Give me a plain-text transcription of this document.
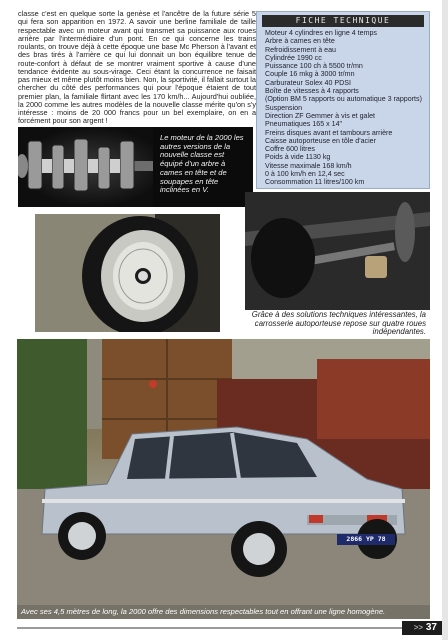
classe c'est en quelque sorte la genèse et l'ancêtre de la future série 5 qui fera son apparition en 1972. A savoir une berline familiale de taille respectable avec un moteur avant qui transmet sa puissance aux roues arrière par l'intermédiaire d'un pont. En ce qui concerne les trains roulants, on trouve déjà à cette époque une base Mc Pherson à l'avant et des bras tirés à l'arrière ce qui lui donnait un bon équilibre tenue de route-confort à défaut de se montrer vraiment sportive à cause d'une tendance évidente au sous-virage. Ceci étant la concurrence ne faisait pas mieux et même plutôt moins bien. Non, la sportivité, il fallait surtout la chercher du côté des performances qui pour l'époque étaient de tout premier plan, la familiale flirtant avec les 170 km/h... Aujourd'hui oubliée, la 2000 comme les autres modèles de la nouvelle classe mérite qu'on s'y intéresse : moins de 20 000 francs pour un bel exemplaire, on en a forcément pour son argent !
FICHE TECHNIQUE
Moteur 4 cylindres en ligne 4 temps
Arbre à cames en tête
Refroidissement à eau
Cylindrée 1990 cc
Puissance 100 ch à 5500 tr/mn
Couple 16 mkg à 3000 tr/mn
Carburateur Solex 40 PDSI
Boîte de vitesses à 4 rapports
(Option BM 5 rapports ou automatique 3 rapports)
Suspension
Direction ZF Gemmer à vis et galet
Pneumatiques 165 x 14"
Freins disques avant et tambours arrière
Caisse autoporteuse en tôle d'acier
Coffre 600 litres
Poids à vide 1130 kg
Vitesse maximale 168 km/h
0 à 100 km/h en 12,4 sec
Consommation 11 litres/100 km
Le moteur de la 2000 les autres versions de la nouvelle classe est équipé d'un arbre à cames en tête et de soupapes en tête inclinées en V.
Grâce à des solutions techniques intéressantes, la carrosserie autoporteuse repose sur quatre roues indépendantes.
2866 YP 78
Avec ses 4,5 mètres de long, la 2000 offre des dimensions respectables tout en offrant une ligne homogène.
>> 37
